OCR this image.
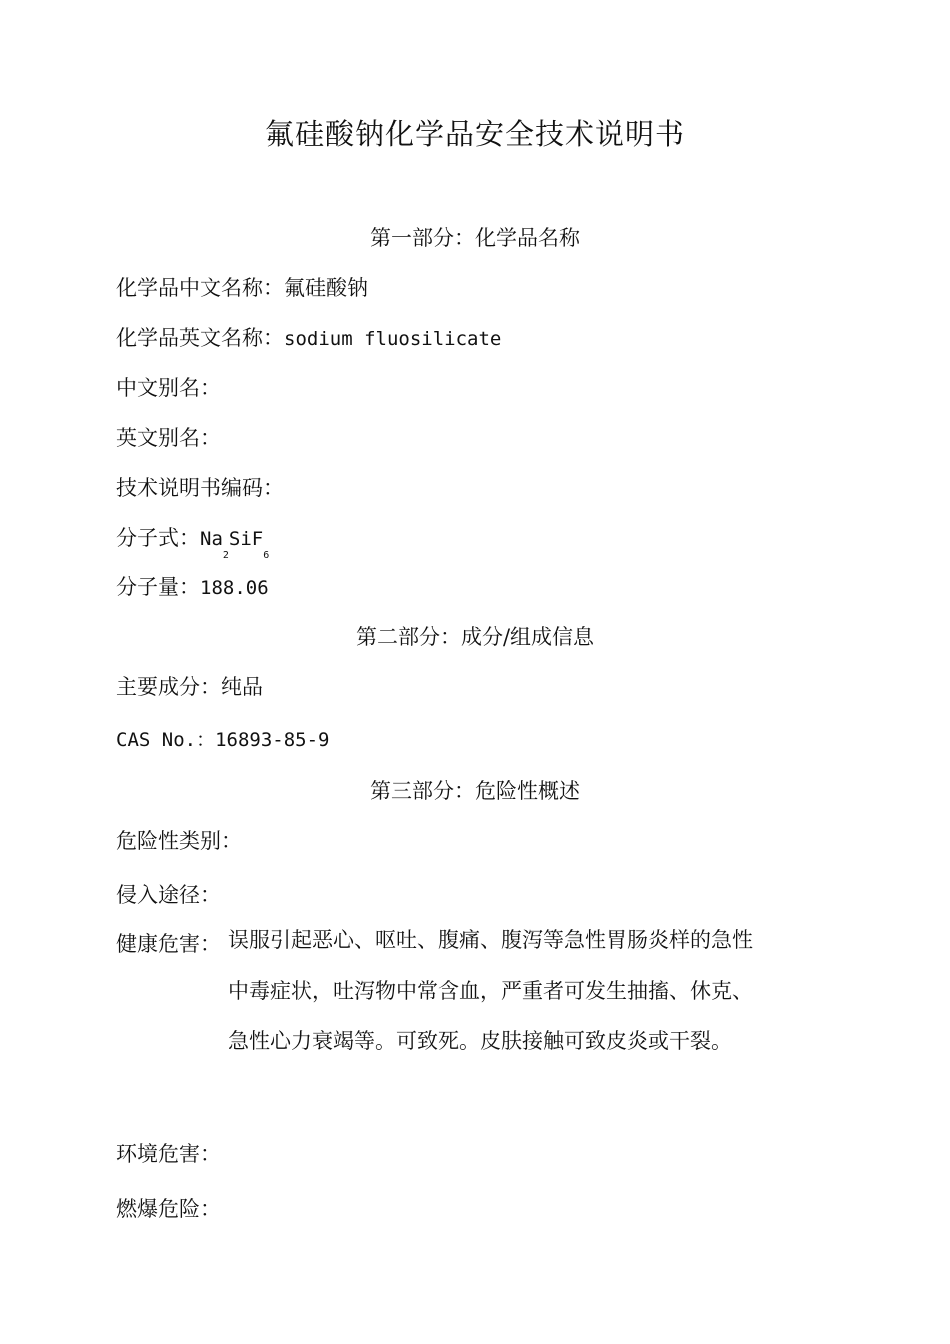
氟硅酸钠化学品安全技术说明书
第一部分：化学品名称
化学品中文名称：氟硅酸钠
化学品英文名称：sodium fluosilicate
中文别名：
英文别名：
技术说明书编码：
分子式：$Na_2SiF_6$
分子量：188.06
第二部分：成分/组成信息
主要成分：纯品
CAS No.：16893-85-9
第三部分：危险性概述
危险性类别：
侵入途径：
健康危害： 误服引起恶心、呕吐、腹痛、腹泻等急性胃肠炎样的急性中毒症状，吐泻物中常含血，严重者可发生抽搐、休克、急性心力衰竭等。可致死。皮肤接触可致皮炎或干裂。
环境危害：
燃爆危险：
